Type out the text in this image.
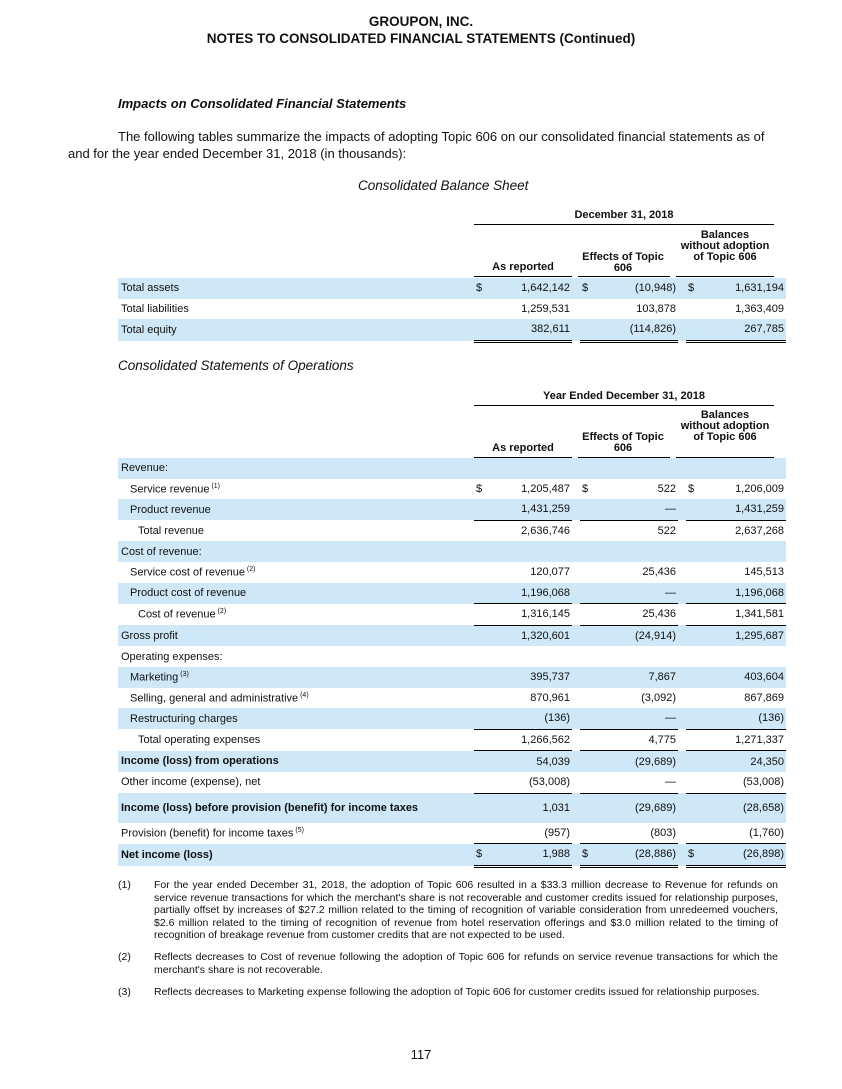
GROUPON, INC.
NOTES TO CONSOLIDATED FINANCIAL STATEMENTS (Continued)
Impacts on Consolidated Financial Statements
The following tables summarize the impacts of adopting Topic 606 on our consolidated financial statements as of and for the year ended December 31, 2018 (in thousands):
Consolidated Balance Sheet
December 31, 2018
As reported
Effects of Topic 606
Balances without adoption of Topic 606
Total assets	$	1,642,142		$	(10,948)		$	1,631,194
Total liabilities		1,259,531			103,878			1,363,409
Total equity		382,611			(114,826)			267,785
Consolidated Statements of Operations
Year Ended December 31, 2018
As reported
Effects of Topic 606
Balances without adoption of Topic 606
Revenue:								
Service revenue $^{(1)}$	$	1,205,487		$	522		$	1,206,009
Product revenue		1,431,259			—			1,431,259
Total revenue		2,636,746			522			2,637,268
Cost of revenue:								
Service cost of revenue $^{(2)}$		120,077			25,436			145,513
Product cost of revenue		1,196,068			—			1,196,068
Cost of revenue $^{(2)}$		1,316,145			25,436			1,341,581
Gross profit		1,320,601			(24,914)			1,295,687
Operating expenses:								
Marketing $^{(3)}$		395,737			7,867			403,604
Selling, general and administrative $^{(4)}$		870,961			(3,092)			867,869
Restructuring charges		(136)			—			(136)
Total operating expenses		1,266,562			4,775			1,271,337
Income (loss) from operations		54,039			(29,689)			24,350
Other income (expense), net		(53,008)			—			(53,008)
Income (loss) before provision (benefit) for income taxes		1,031			(29,689)			(28,658)
Provision (benefit) for income taxes $^{(5)}$		(957)			(803)			(1,760)
Net income (loss)	$	1,988		$	(28,886)		$	(26,898)
(1) For the year ended December 31, 2018, the adoption of Topic 606 resulted in a $33.3 million decrease to Revenue for refunds on service revenue transactions for which the merchant's share is not recoverable and customer credits issued for relationship purposes, partially offset by increases of $27.2 million related to the timing of recognition of variable consideration from unredeemed vouchers, $2.6 million related to the timing of recognition of revenue from hotel reservation offerings and $3.0 million related to the timing of recognition of breakage revenue from customer credits that are not expected to be used.
(2) Reflects decreases to Cost of revenue following the adoption of Topic 606 for refunds on service revenue transactions for which the merchant's share is not recoverable.
(3) Reflects decreases to Marketing expense following the adoption of Topic 606 for customer credits issued for relationship purposes.
117
